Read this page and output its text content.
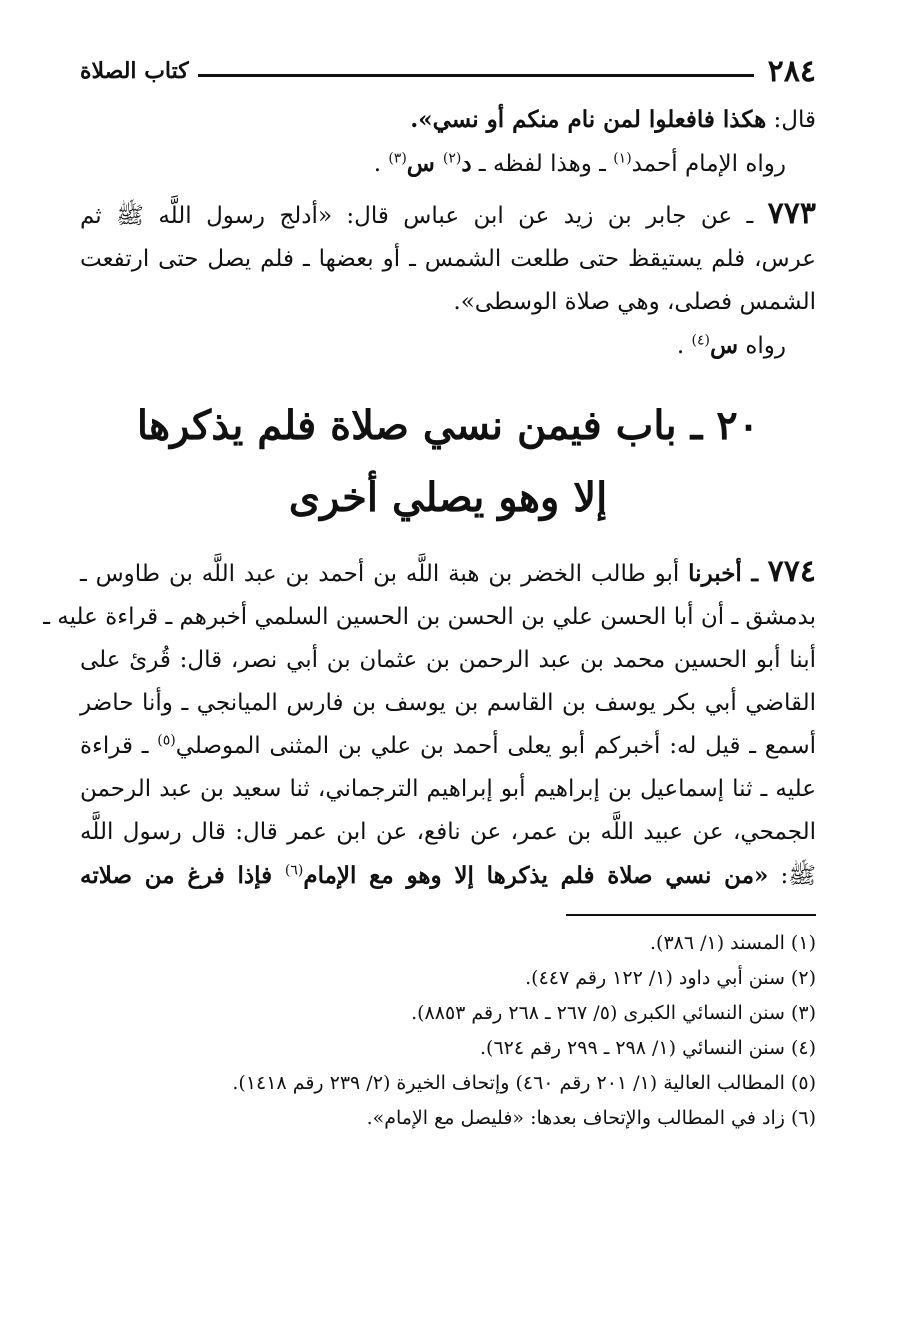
٢٨٤
كتاب الصلاة
قال: هكذا فافعلوا لمن نام منكم أو نسي».
رواه الإمام أحمد$^{(١)}$ ـ وهذا لفظه ـ د$^{(٢)}$ س$^{(٣)}$ .
٧٧٣ ـ عن جابر بن زيد عن ابن عباس قال: «أدلج رسول اللَّه ﷺ ثم
عرس، فلم يستيقظ حتى طلعت الشمس ـ أو بعضها ـ فلم يصل حتى ارتفعت
الشمس فصلى، وهي صلاة الوسطى».
رواه س$^{(٤)}$ .
٢٠ ـ باب فيمن نسي صلاة فلم يذكرها
إلا وهو يصلي أخرى
٧٧٤ ـ أخبرنا أبو طالب الخضر بن هبة اللَّه بن أحمد بن عبد اللَّه بن طاوس ـ
بدمشق ـ أن أبا الحسن علي بن الحسن بن الحسين السلمي أخبرهم ـ قراءة عليه ـ
أبنا أبو الحسين محمد بن عبد الرحمن بن عثمان بن أبي نصر، قال: قُرئ على
القاضي أبي بكر يوسف بن القاسم بن يوسف بن فارس الميانجي ـ وأنا حاضر
أسمع ـ قيل له: أخبركم أبو يعلى أحمد بن علي بن المثنى الموصلي$^{(٥)}$ ـ قراءة
عليه ـ ثنا إسماعيل بن إبراهيم أبو إبراهيم الترجماني، ثنا سعيد بن عبد الرحمن
الجمحي، عن عبيد اللَّه بن عمر، عن نافع، عن ابن عمر قال: قال رسول اللَّه
ﷺ: «من نسي صلاة فلم يذكرها إلا وهو مع الإمام$^{(٦)}$ فإذا فرغ من صلاته
(١) المسند (١/ ٣٨٦).
(٢) سنن أبي داود (١/ ١٢٢ رقم ٤٤٧).
(٣) سنن النسائي الكبرى (٥/ ٢٦٧ ـ ٢٦٨ رقم ٨٨٥٣).
(٤) سنن النسائي (١/ ٢٩٨ ـ ٢٩٩ رقم ٦٢٤).
(٥) المطالب العالية (١/ ٢٠١ رقم ٤٦٠) وإتحاف الخيرة (٢/ ٢٣٩ رقم ١٤١٨).
(٦) زاد في المطالب والإتحاف بعدها: «فليصل مع الإمام».
